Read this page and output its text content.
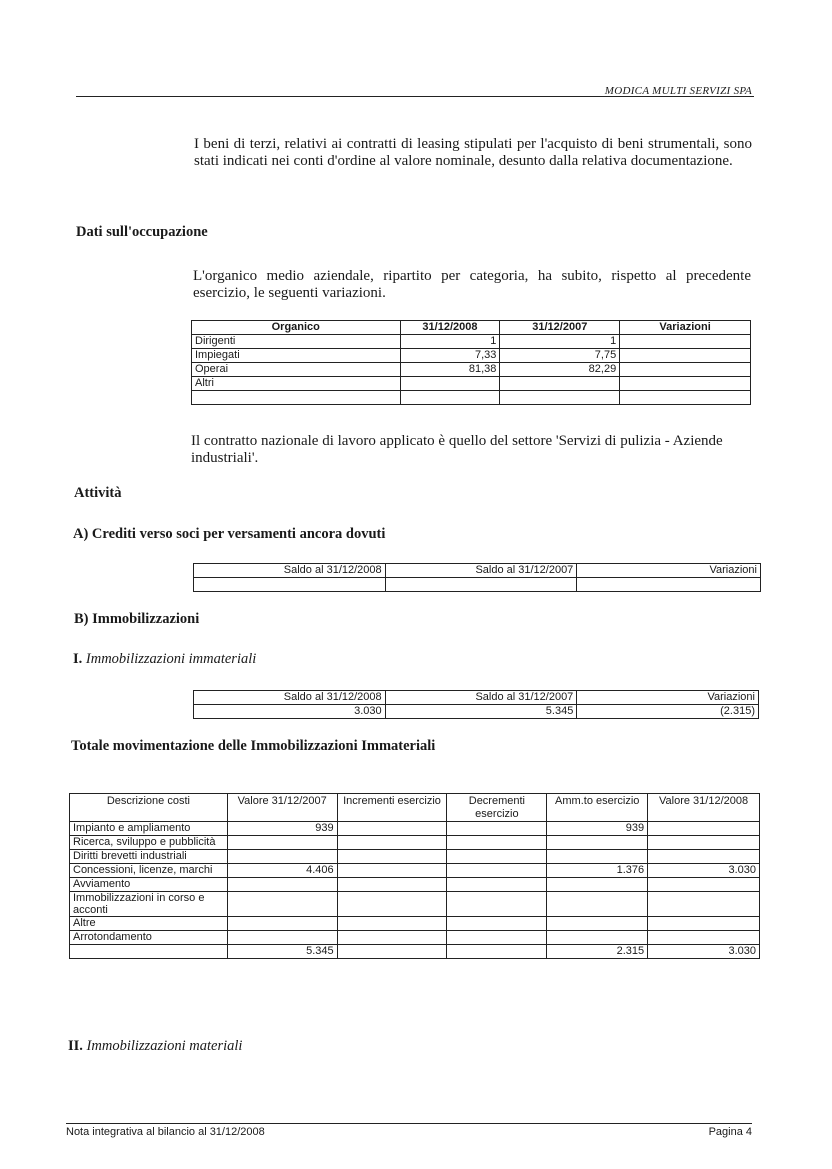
MODICA MULTI SERVIZI SPA
I beni di terzi, relativi ai contratti di leasing stipulati per l'acquisto di beni strumentali, sono stati indicati nei conti d'ordine al valore nominale, desunto dalla relativa documentazione.
Dati sull'occupazione
L'organico medio aziendale, ripartito per categoria, ha subito, rispetto al precedente esercizio, le seguenti variazioni.
Organico	31/12/2008	31/12/2007	Variazioni
Dirigenti	1	1	
Impiegati	7,33	7,75	
Operai	81,38	82,29	
Altri			

Il contratto nazionale di lavoro applicato è quello del settore 'Servizi di pulizia - Aziende industriali'.
Attività
A) Crediti verso soci per versamenti ancora dovuti
Saldo al 31/12/2008	Saldo al 31/12/2007	Variazioni

B) Immobilizzazioni
I. Immobilizzazioni immateriali
Saldo al 31/12/2008	Saldo al 31/12/2007	Variazioni
3.030	5.345	(2.315)
Totale movimentazione delle Immobilizzazioni Immateriali
Descrizione costi	Valore 31/12/2007	Incrementi esercizio	Decrementi esercizio	Amm.to esercizio	Valore 31/12/2008
Impianto e ampliamento	939			939	
Ricerca, sviluppo e pubblicità					
Diritti brevetti industriali					
Concessioni, licenze, marchi	4.406			1.376	3.030
Avviamento					
Immobilizzazioni in corso e acconti					
Altre					
Arrotondamento					
	5.345			2.315	3.030
II. Immobilizzazioni materiali
Nota integrativa al bilancio al 31/12/2008	Pagina 4
